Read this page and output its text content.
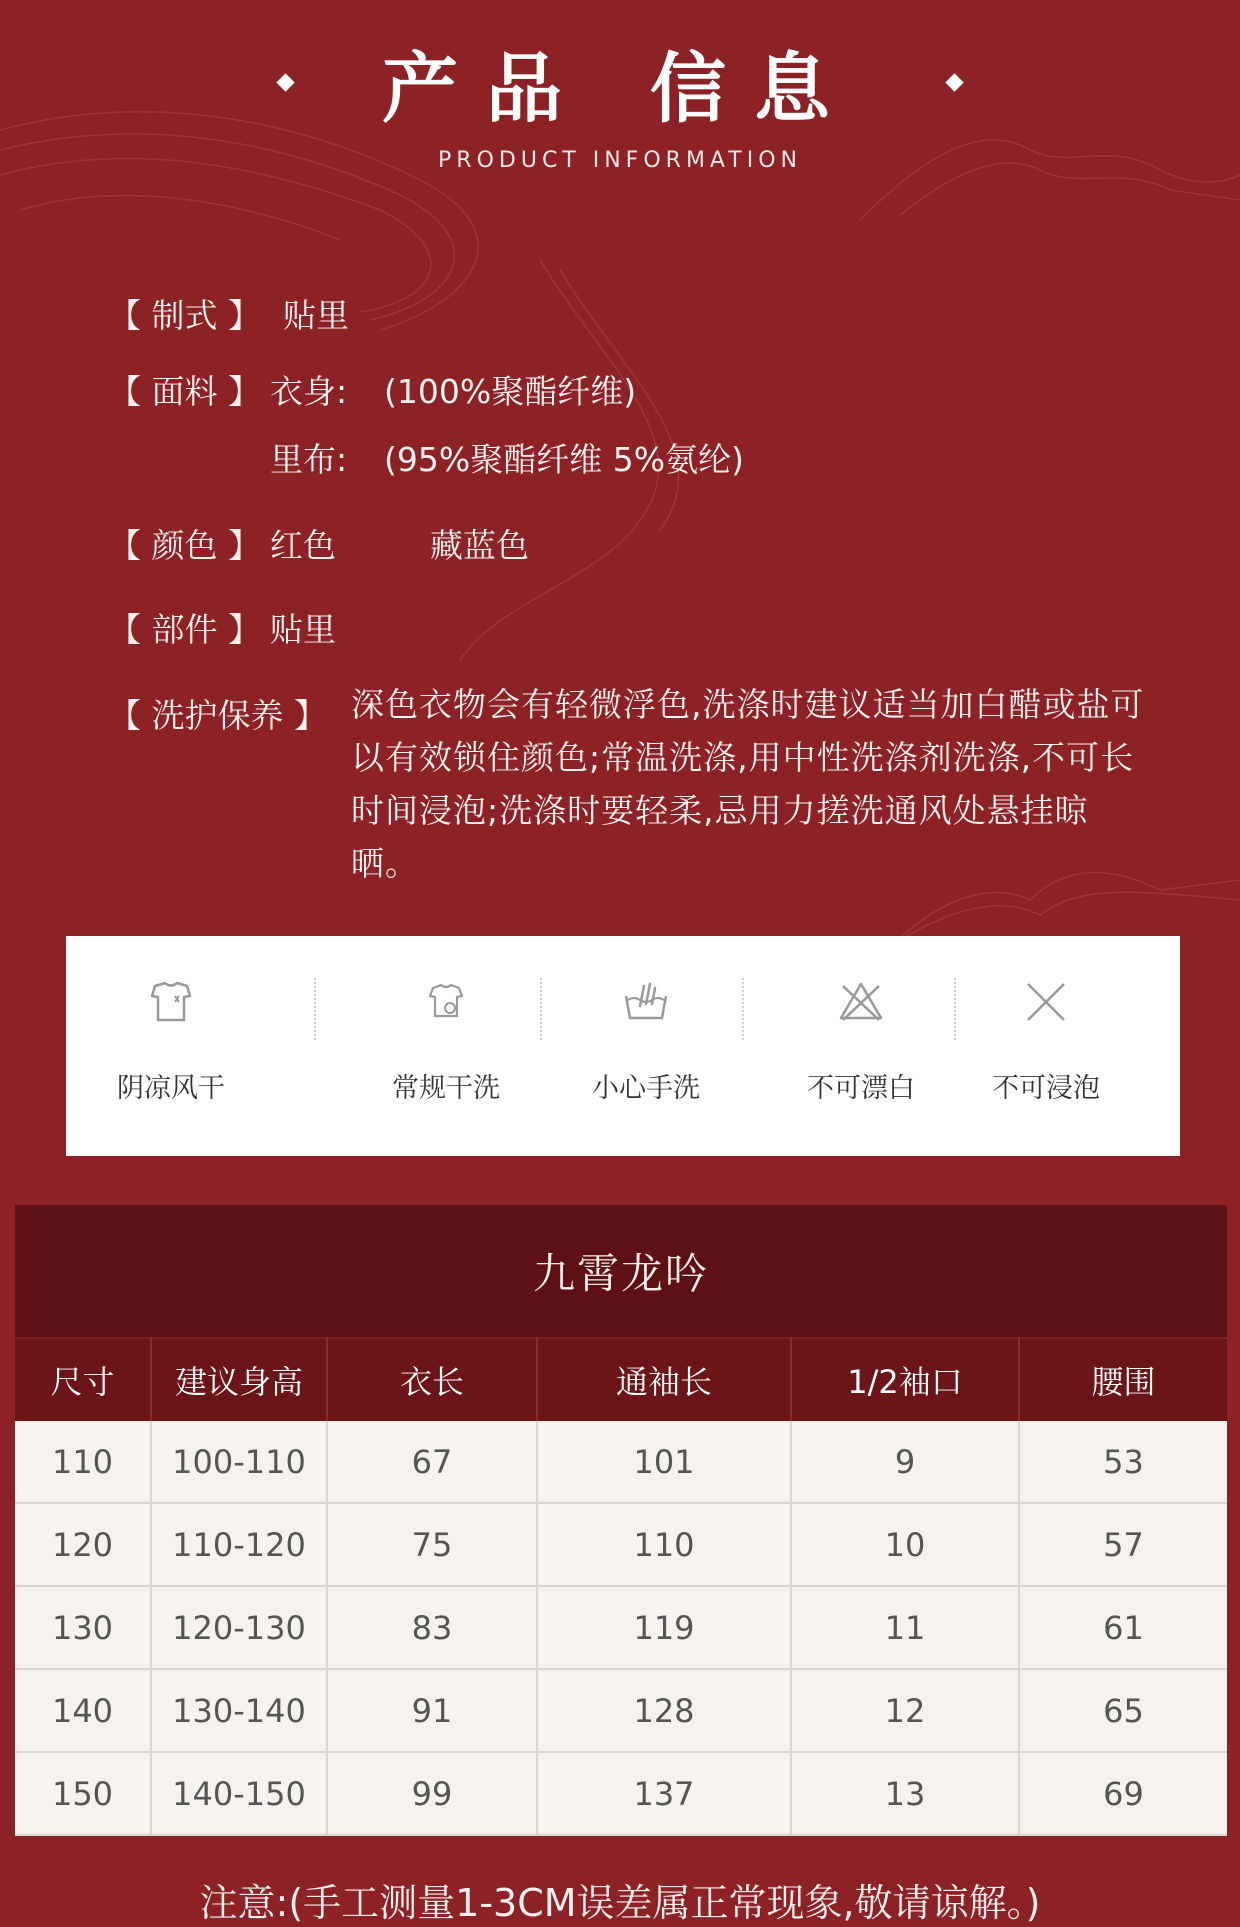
产品 信息
PRODUCT INFORMATION
【 制式 】 贴里
【 面料 】 衣身: (100%聚酯纤维)
里布: (95%聚酯纤维 5%氨纶)
【 颜色 】 红色	藏蓝色
【 部件 】 贴里
【 洗护保养 】 深色衣物会有轻微浮色,洗涤时建议适当加白醋或盐可以有效锁住颜色;常温洗涤,用中性洗涤剂洗涤,不可长时间浸泡;洗涤时要轻柔,忌用力搓洗通风处悬挂晾晒。
阴凉风干	常规干洗	小心手洗	不可漂白	不可浸泡
九霄龙吟
尺寸	建议身高	衣长	通袖长	1/2袖口	腰围
110	100-110	67	101	9	53
120	110-120	75	110	10	57
130	120-130	83	119	11	61
140	130-140	91	128	12	65
150	140-150	99	137	13	69
注意:(手工测量1-3CM误差属正常现象,敬请谅解。)
